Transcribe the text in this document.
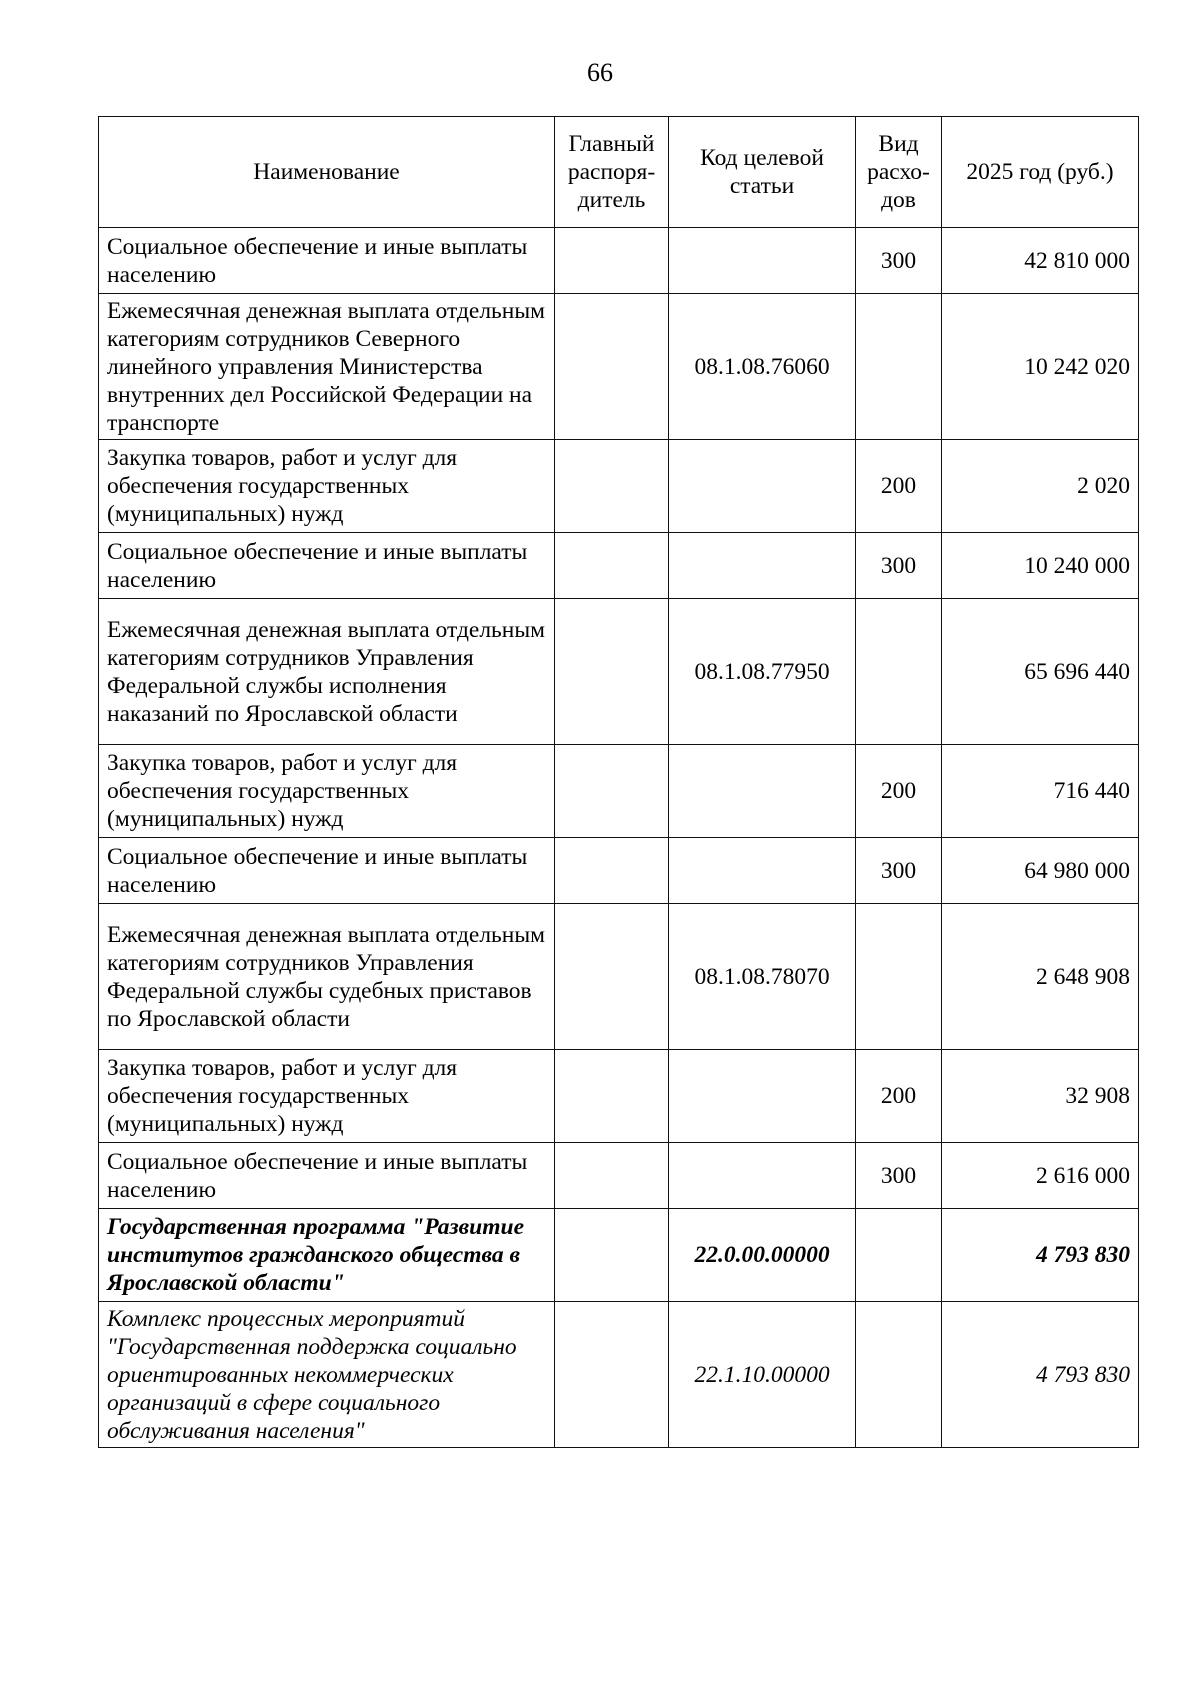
66
Наименование	Главный распоря-дитель	Код целевой статьи	Вид расхо-дов	2025 год (руб.)
Социальное обеспечение и иные выплаты населению			300	42 810 000
Ежемесячная денежная выплата отдельным категориям сотрудников Северного линейного управления Министерства внутренних дел Российской Федерации на транспорте		08.1.08.76060		10 242 020
Закупка товаров, работ и услуг для обеспечения государственных (муниципальных) нужд			200	2 020
Социальное обеспечение и иные выплаты населению			300	10 240 000
Ежемесячная денежная выплата отдельным категориям сотрудников Управления Федеральной службы исполнения наказаний по Ярославской области		08.1.08.77950		65 696 440
Закупка товаров, работ и услуг для обеспечения государственных (муниципальных) нужд			200	716 440
Социальное обеспечение и иные выплаты населению			300	64 980 000
Ежемесячная денежная выплата отдельным категориям сотрудников Управления Федеральной службы судебных приставов по Ярославской области		08.1.08.78070		2 648 908
Закупка товаров, работ и услуг для обеспечения государственных (муниципальных) нужд			200	32 908
Социальное обеспечение и иные выплаты населению			300	2 616 000
Государственная программа "Развитие институтов гражданского общества в Ярославской области"		22.0.00.00000		4 793 830
Комплекс процессных мероприятий "Государственная поддержка социально ориентированных некоммерческих организаций в сфере социального обслуживания населения"		22.1.10.00000		4 793 830
